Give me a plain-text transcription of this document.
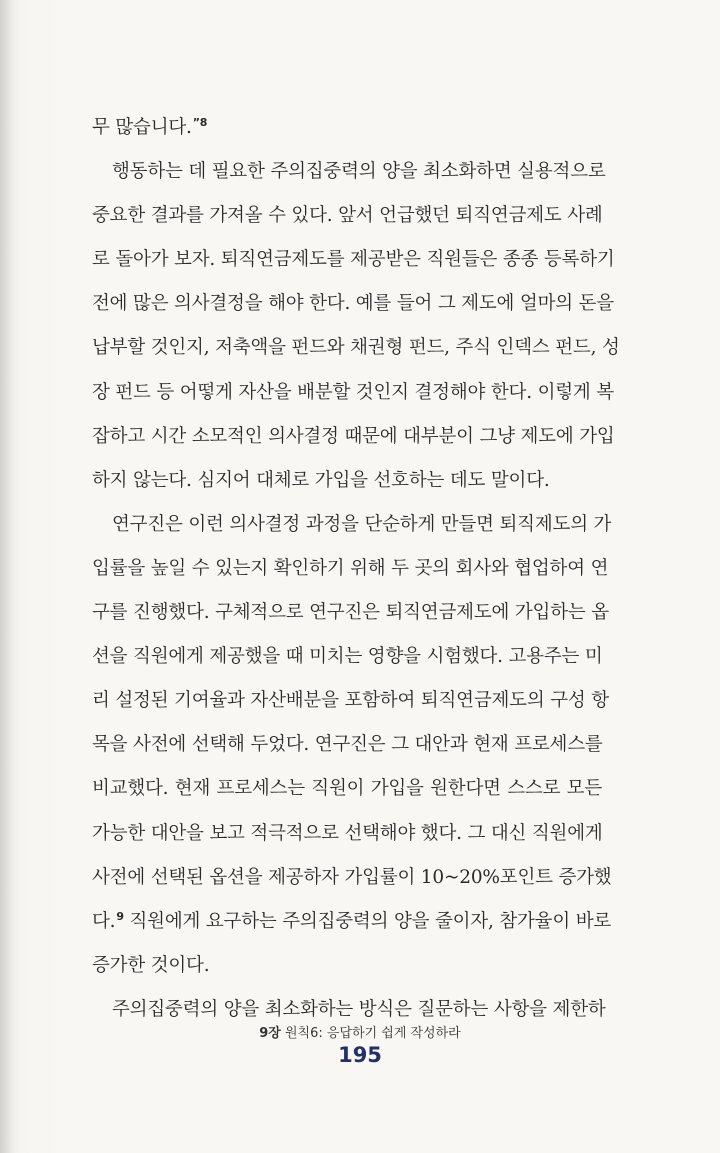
무 많습니다.$^{”8}$
행동하는 데 필요한 주의집중력의 양을 최소화하면 실용적으로
중요한 결과를 가져올 수 있다. 앞서 언급했던 퇴직연금제도 사례
로 돌아가 보자. 퇴직연금제도를 제공받은 직원들은 종종 등록하기
전에 많은 의사결정을 해야 한다. 예를 들어 그 제도에 얼마의 돈을
납부할 것인지, 저축액을 펀드와 채권형 펀드, 주식 인덱스 펀드, 성
장 펀드 등 어떻게 자산을 배분할 것인지 결정해야 한다. 이렇게 복
잡하고 시간 소모적인 의사결정 때문에 대부분이 그냥 제도에 가입
하지 않는다. 심지어 대체로 가입을 선호하는 데도 말이다.
연구진은 이런 의사결정 과정을 단순하게 만들면 퇴직제도의 가
입률을 높일 수 있는지 확인하기 위해 두 곳의 회사와 협업하여 연
구를 진행했다. 구체적으로 연구진은 퇴직연금제도에 가입하는 옵
션을 직원에게 제공했을 때 미치는 영향을 시험했다. 고용주는 미
리 설정된 기여율과 자산배분을 포함하여 퇴직연금제도의 구성 항
목을 사전에 선택해 두었다. 연구진은 그 대안과 현재 프로세스를
비교했다. 현재 프로세스는 직원이 가입을 원한다면 스스로 모든
가능한 대안을 보고 적극적으로 선택해야 했다. 그 대신 직원에게
사전에 선택된 옵션을 제공하자 가입률이 10~20%포인트 증가했
다.$^9$ 직원에게 요구하는 주의집중력의 양을 줄이자, 참가율이 바로
증가한 것이다.
주의집중력의 양을 최소화하는 방식은 질문하는 사항을 제한하
9장 원칙6: 응답하기 쉽게 작성하라
195
